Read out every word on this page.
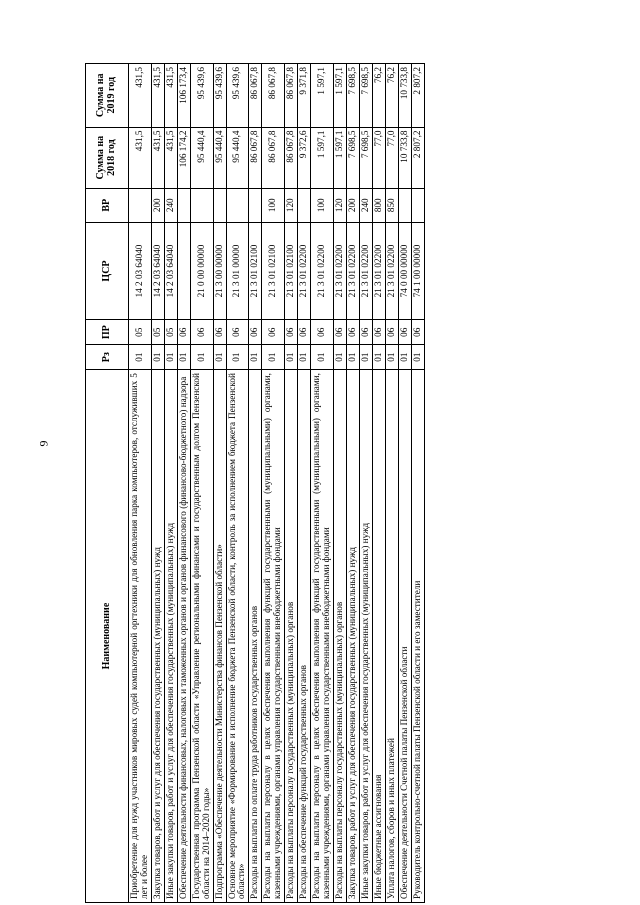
9
Наименование	Рз	ПР	ЦСР	ВР	Сумма на 2018 год	Сумма на 2019 год
Приобретение для нужд участников мировых судей компьютерной оргтехники для обновления парка компьютеров, отслуживших 5 лет и более	01	05	14 2 03 64040		431,5	431,5
Закупка товаров, работ и услуг для обеспечения государственных (муниципальных) нужд	01	05	14 2 03 64040	200	431,5	431,5
Иные закупки товаров, работ и услуг для обеспечения государственных (муниципальных) нужд	01	05	14 2 03 64040	240	431,5	431,5
Обеспечение деятельности финансовых, налоговых и таможенных органов и органов финансового (финансово-бюджетного) надзора	01	06			106 174,2	106 173,4
Государственная программа Пензенской области «Управление региональными финансами и государственным долгом Пензенской области на 2014–2020 годы»	01	06	21 0 00 00000		95 440,4	95 439,6
Подпрограмма «Обеспечение деятельности Министерства финансов Пензенской области»	01	06	21 3 00 00000		95 440,4	95 439,6
Основное мероприятие «Формирование и исполнение бюджета Пензенской области, контроль за исполнением бюджета Пензенской области»	01	06	21 3 01 00000		95 440,4	95 439,6
Расходы на выплаты по оплате труда работников государственных органов	01	06	21 3 01 02100		86 067,8	86 067,8
Расходы на выплаты персоналу в целях обеспечения выполнения функций государственными (муниципальными) органами, казенными учреждениями, органами управления государственными внебюджетными фондами	01	06	21 3 01 02100	100	86 067,8	86 067,8
Расходы на выплаты персоналу государственных (муниципальных) органов	01	06	21 3 01 02100	120	86 067,8	86 067,8
Расходы на обеспечение функций государственных органов	01	06	21 3 01 02200		9 372,6	9 371,8
Расходы на выплаты персоналу в целях обеспечения выполнения функций государственными (муниципальными) органами, казенными учреждениями, органами управления государственными внебюджетными фондами	01	06	21 3 01 02200	100	1 597,1	1 597,1
Расходы на выплаты персоналу государственных (муниципальных) органов	01	06	21 3 01 02200	120	1 597,1	1 597,1
Закупка товаров, работ и услуг для обеспечения государственных (муниципальных) нужд	01	06	21 3 01 02200	200	7 698,5	7 698,5
Иные закупки товаров, работ и услуг для обеспечения государственных (муниципальных) нужд	01	06	21 3 01 02200	240	7 698,5	7 698,5
Иные бюджетные ассигнования	01	06	21 3 01 02200	800	77,0	76,2
Уплата налогов, сборов и иных платежей	01	06	21 3 01 02200	850	77,0	76,2
Обеспечение деятельности Счетной палаты Пензенской области	01	06	74 0 00 00000		10 733,8	10 733,8
Руководитель контрольно-счетной палаты Пензенской области и его заместители	01	06	74 1 00 00000		2 807,2	2 807,2
